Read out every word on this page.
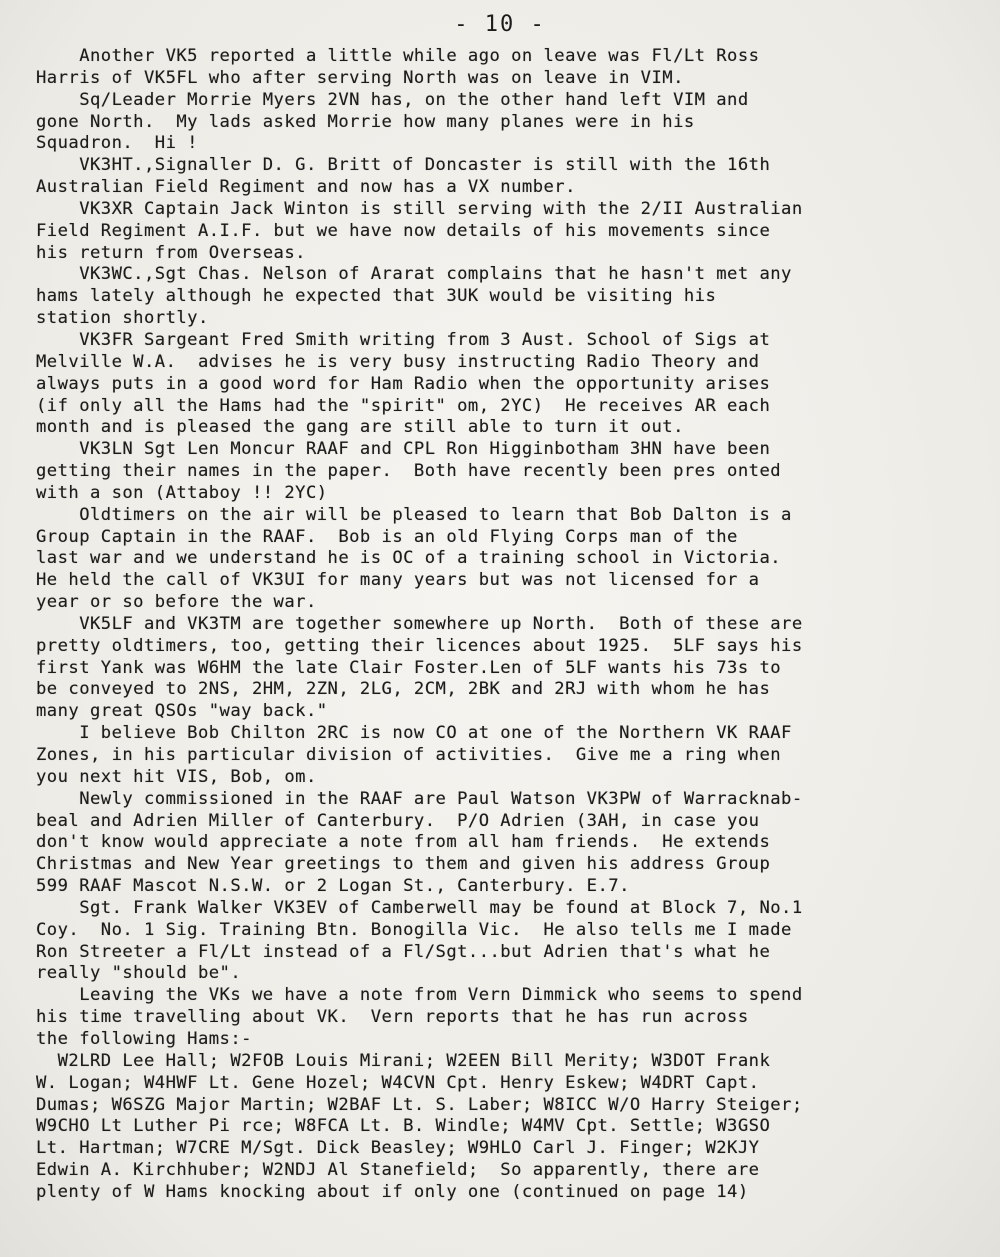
- 10 -
Another VK5 reported a little while ago on leave was Fl/Lt Ross
Harris of VK5FL who after serving North was on leave in VIM.
Sq/Leader Morrie Myers 2VN has, on the other hand left VIM and
gone North.  My lads asked Morrie how many planes were in his
Squadron.  Hi !
VK3HT.,Signaller D. G. Britt of Doncaster is still with the 16th
Australian Field Regiment and now has a VX number.
VK3XR Captain Jack Winton is still serving with the 2/II Australian
Field Regiment A.I.F. but we have now details of his movements since
his return from Overseas.
VK3WC.,Sgt Chas. Nelson of Ararat complains that he hasn't met any
hams lately although he expected that 3UK would be visiting his
station shortly.
VK3FR Sargeant Fred Smith writing from 3 Aust. School of Sigs at
Melville W.A.  advises he is very busy instructing Radio Theory and
always puts in a good word for Ham Radio when the opportunity arises
(if only all the Hams had the "spirit" om, 2YC)  He receives AR each
month and is pleased the gang are still able to turn it out.
VK3LN Sgt Len Moncur RAAF and CPL Ron Higginbotham 3HN have been
getting their names in the paper.  Both have recently been pres onted
with a son (Attaboy !! 2YC)
Oldtimers on the air will be pleased to learn that Bob Dalton is a
Group Captain in the RAAF.  Bob is an old Flying Corps man of the
last war and we understand he is OC of a training school in Victoria.
He held the call of VK3UI for many years but was not licensed for a
year or so before the war.
VK5LF and VK3TM are together somewhere up North.  Both of these are
pretty oldtimers, too, getting their licences about 1925.  5LF says his
first Yank was W6HM the late Clair Foster.Len of 5LF wants his 73s to
be conveyed to 2NS, 2HM, 2ZN, 2LG, 2CM, 2BK and 2RJ with whom he has
many great QSOs "way back."
I believe Bob Chilton 2RC is now CO at one of the Northern VK RAAF
Zones, in his particular division of activities.  Give me a ring when
you next hit VIS, Bob, om.
Newly commissioned in the RAAF are Paul Watson VK3PW of Warracknab-
beal and Adrien Miller of Canterbury.  P/O Adrien (3AH, in case you
don't know would appreciate a note from all ham friends.  He extends
Christmas and New Year greetings to them and given his address Group
599 RAAF Mascot N.S.W. or 2 Logan St., Canterbury. E.7.
Sgt. Frank Walker VK3EV of Camberwell may be found at Block 7, No.1
Coy.  No. 1 Sig. Training Btn. Bonogilla Vic.  He also tells me I made
Ron Streeter a Fl/Lt instead of a Fl/Sgt...but Adrien that's what he
really "should be".
Leaving the VKs we have a note from Vern Dimmick who seems to spend
his time travelling about VK.  Vern reports that he has run across
the following Hams:-
W2LRD Lee Hall; W2FOB Louis Mirani; W2EEN Bill Merity; W3DOT Frank
W. Logan; W4HWF Lt. Gene Hozel; W4CVN Cpt. Henry Eskew; W4DRT Capt.
Dumas; W6SZG Major Martin; W2BAF Lt. S. Laber; W8ICC W/O Harry Steiger;
W9CHO Lt Luther Pi rce; W8FCA Lt. B. Windle; W4MV Cpt. Settle; W3GSO
Lt. Hartman; W7CRE M/Sgt. Dick Beasley; W9HLO Carl J. Finger; W2KJY
Edwin A. Kirchhuber; W2NDJ Al Stanefield;  So apparently, there are
plenty of W Hams knocking about if only one (continued on page 14)
